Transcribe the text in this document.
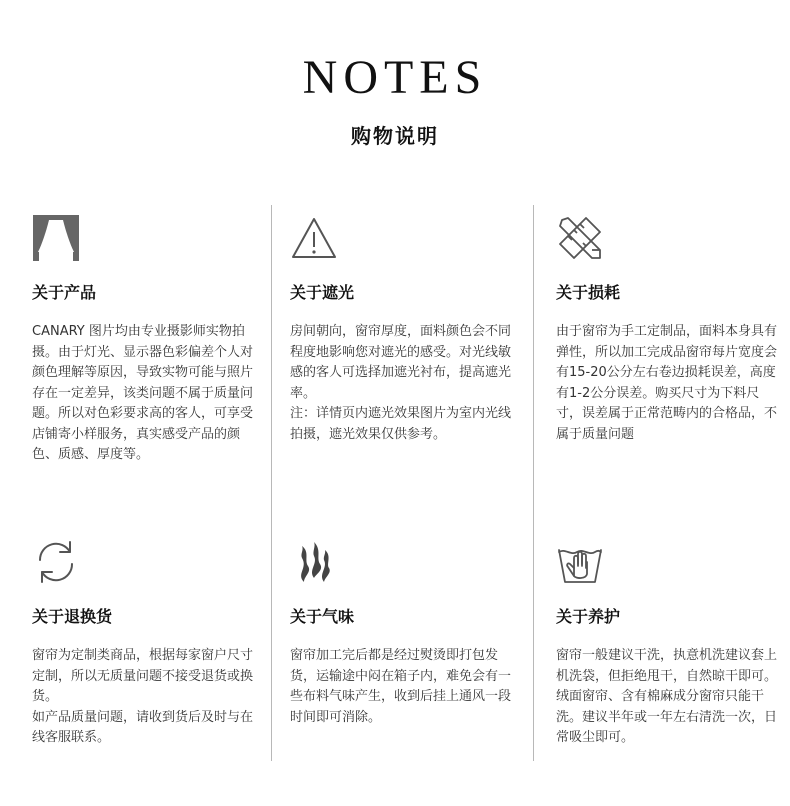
NOTES
购物说明
关于产品

CANARY 图片均由专业摄影师实物拍摄。由于灯光、显示器色彩偏差个人对颜色理解等原因，导致实物可能与照片存在一定差异，该类问题不属于质量问题。所以对色彩要求高的客人，可享受店铺寄小样服务，真实感受产品的颜色、质感、厚度等。

关于遮光

房间朝向，窗帘厚度，面料颜色会不同程度地影响您对遮光的感受。对光线敏感的客人可选择加遮光衬布，提高遮光率。

注：详情页内遮光效果图片为室内光线拍摄，遮光效果仅供参考。

关于损耗

由于窗帘为手工定制品，面料本身具有弹性，所以加工完成品窗帘每片宽度会有15-20公分左右卷边损耗误差，高度有1-2公分误差。购买尺寸为下料尺寸，误差属于正常范畴内的合格品，不属于质量问题

关于退换货

窗帘为定制类商品，根据每家窗户尺寸定制，所以无质量问题不接受退货或换货。

如产品质量问题，请收到货后及时与在线客服联系。

关于气味

窗帘加工完后都是经过熨烫即打包发货，运输途中闷在箱子内，难免会有一些布料气味产生，收到后挂上通风一段时间即可消除。

关于养护

窗帘一般建议干洗，执意机洗建议套上机洗袋，但拒绝甩干，自然晾干即可。绒面窗帘、含有棉麻成分窗帘只能干洗。建议半年或一年左右清洗一次，日常吸尘即可。
